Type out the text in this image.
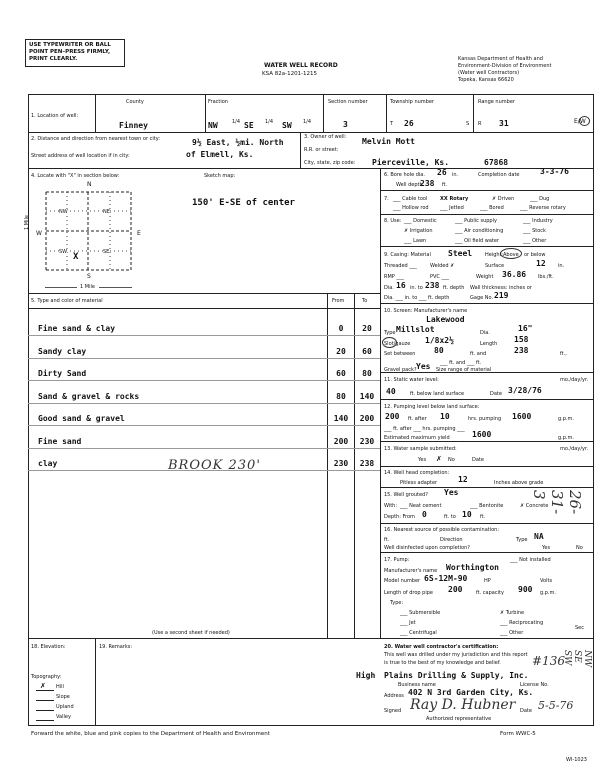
USE TYPEWRITER OR BALL POINT PEN–PRESS FIRMLY, PRINT CLEARLY.
WATER WELL RECORD
KSA 82a-1201-1215
Kansas Department of Health and
Environment-Division of Environment
(Water well Contractors)
Topeka, Kansas 66620
1. Location of well:
County
Finney
Fraction
NW	1/4 SE 1/4 SW 1/4
Section number
3
Township number
T 26	S
Range number
R 31	E/W
2. Distance and direction from nearest town or city:	9½ East, ½mi. North
of Elmell, Ks.
Street address of well location if in city:
3. Owner of well: Melvin Mott
R.R. or street:
City, state, zip code: Pierceville, Ks.	67868
4. Locate with "X" in section below:	Sketch map:
150' E-SE of center
N
S
W	E
NW	NE
SW	SE
X
1 Mile
1 Mile
5. Type and color of material	From	To
Fine sand & clay	0	20
Sandy clay	20	60
Dirty Sand	60	80
Sand & gravel & rocks	80	140
Good sand & gravel	140	200
Fine sand	200	230
clay	230	238
BROOK 230'
(Use a second sheet if needed)
6. Bore hole dia. 26 in.	Completion date	3-3-76
Well depth
238 ft.
7. ___ Cable tool	XX Rotary	✗ Driven	___ Dug
___ Hollow rod ___ Jetted	___ Bored	___ Reverse rotary
8. Use: ___ Domestic	___ Public supply	___ Industry
✗ Irrigation	___ Air conditioning	___ Stock
___ Lawn	___ Oil field water	___ Other
9. Casing: Material Steel	Height: Above or below
Threaded ___	Welded ✗	Surface	12 in.
RMP ___	PVC ___	Weight 36.86 lbs./ft.
Dia. 16 in. to 238 ft. depth Wall thickness: inches or
Dia. ___ in. to ___ ft. depth	Gage No. 219
10. Screen: Manufacturer's name
Lakewood
Type Millslot	Dia.	16"
Slot/gauze 1/8x2½	Length 158
Set between 80	ft. and	238	ft.,
___ ft. and ___ ft.
Gravel pack? Yes Size range of material
11. Static water level:	mo./day/yr.
40	ft. below land surface	Date 3/28/76
12. Pumping level below land surface:
200 ft. after 10	hrs. pumping 1600	g.p.m.
___ ft. after ___ hrs. pumping ___
Estimated maximum yield	1600	g.p.m.
13. Water sample submitted:	mo./day/yr.
Yes ✗ No	Date
14. Well head completion:
Pitless adapter	12	Inches above grade
15. Well grouted? Yes
With: ___ Neat cement	___ Bentonite	✗ Concrete
Depth: From 0	ft. to 10 ft.
16. Nearest source of possible contamination:
ft.	Direction	Type NA
Well disinfected upon completion?	Yes	No
17. Pump:	___ Not installed
Manufacturer's name Worthington
Model number 6S-12M-90	HP	Volts
Length of drop pipe 200	ft. capacity 900 g.p.m.
Type:
___ Submersible	✗ Turbine
___ Jet	___ Reciprocating
___ Centrifugal	___ Other
18. Elevation:
Topography:
✗ Hill
Slope
Upland
Valley
19. Remarks:	20. Water well contractor's certification:
This well was drilled under my jurisdiction and this report
is true to the best of my knowledge and belief.	#136
High Plains Drilling & Supply, Inc.
Business name	License No.
Address 402 N 3rd Garden City, Ks.
Signed Ray D. Hubner Date 5-5-76
Authorized representative
Forward the white, blue and pink copies to the Department of Health and Environment	Form WWC-5
WI-1023
26-31-3
NW SE SW
Sec
